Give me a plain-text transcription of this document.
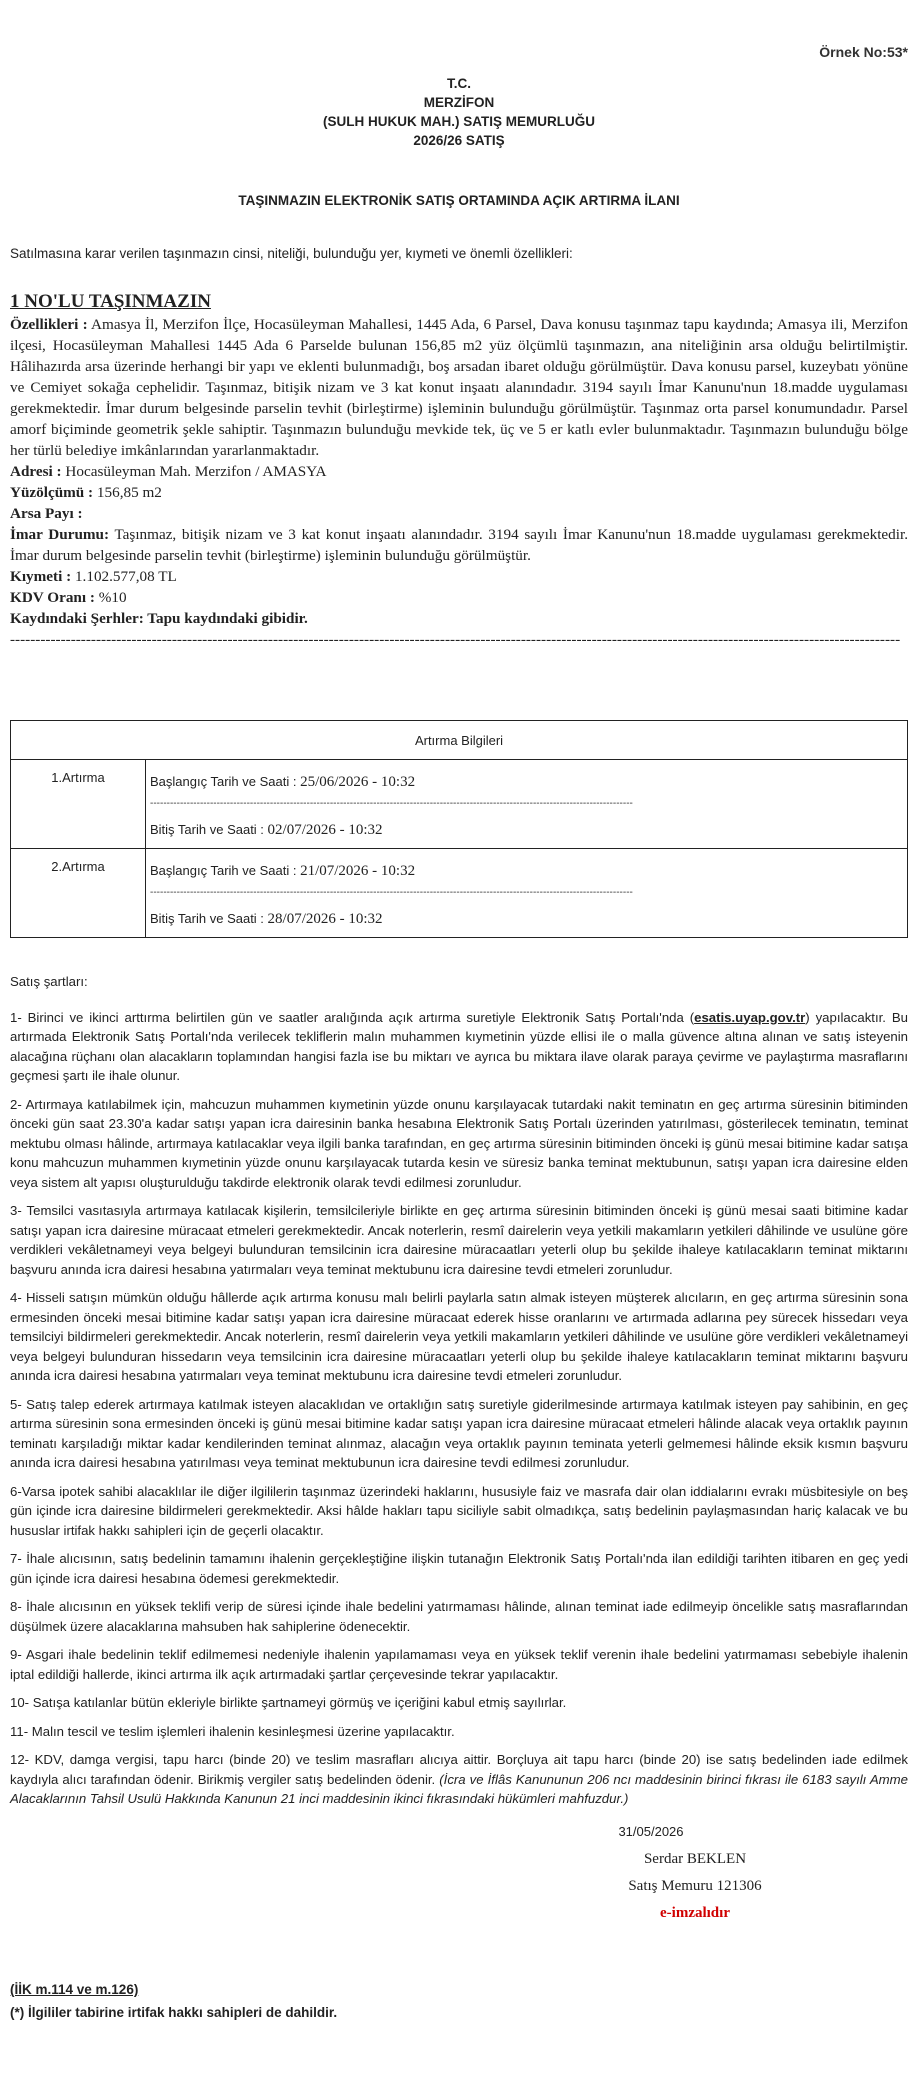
Örnek No:53*
T.C.
MERZİFON
(SULH HUKUK MAH.) SATIŞ MEMURLUĞU
2026/26 SATIŞ
TAŞINMAZIN ELEKTRONİK SATIŞ ORTAMINDA AÇIK ARTIRMA İLANI
Satılmasına karar verilen taşınmazın cinsi, niteliği, bulunduğu yer, kıymeti ve önemli özellikleri:
1 NO'LU TAŞINMAZIN
Özellikleri : Amasya İl, Merzifon İlçe, Hocasüleyman Mahallesi, 1445 Ada, 6 Parsel, Dava konusu taşınmaz tapu kaydında; Amasya ili, Merzifon ilçesi, Hocasüleyman Mahallesi 1445 Ada 6 Parselde bulunan 156,85 m2 yüz ölçümlü taşınmazın, ana niteliğinin arsa olduğu belirtilmiştir. Hâlihazırda arsa üzerinde herhangi bir yapı ve eklenti bulunmadığı, boş arsadan ibaret olduğu görülmüştür. Dava konusu parsel, kuzeybatı yönüne ve Cemiyet sokağa cephelidir. Taşınmaz, bitişik nizam ve 3 kat konut inşaatı alanındadır. 3194 sayılı İmar Kanunu'nun 18.madde uygulaması gerekmektedir. İmar durum belgesinde parselin tevhit (birleştirme) işleminin bulunduğu görülmüştür. Taşınmaz orta parsel konumundadır. Parsel amorf biçiminde geometrik şekle sahiptir. Taşınmazın bulunduğu mevkide tek, üç ve 5 er katlı evler bulunmaktadır. Taşınmazın bulunduğu bölge her türlü belediye imkânlarından yararlanmaktadır.
Adresi : Hocasüleyman Mah. Merzifon / AMASYA
Yüzölçümü : 156,85 m2
Arsa Payı :
İmar Durumu: Taşınmaz, bitişik nizam ve 3 kat konut inşaatı alanındadır. 3194 sayılı İmar Kanunu'nun 18.madde uygulaması gerekmektedir. İmar durum belgesinde parselin tevhit (birleştirme) işleminin bulunduğu görülmüştür.
Kıymeti : 1.102.577,08 TL
KDV Oranı : %10
Kaydındaki Şerhler: Tapu kaydındaki gibidir.
--------------------------------------------------------------------------------------------------------------------------------------------------------------------------------
Artırma Bilgileri	
1.Artırma	Başlangıç Tarih ve Saati : 25/06/2026 - 10:32
-------------------------------------------------------------------------------------------------------------------------------------------------
Bitiş Tarih ve Saati : 02/07/2026 - 10:32

2.Artırma	Başlangıç Tarih ve Saati : 21/07/2026 - 10:32
-------------------------------------------------------------------------------------------------------------------------------------------------
Bitiş Tarih ve Saati : 28/07/2026 - 10:32

Satış şartları:

1- Birinci ve ikinci arttırma belirtilen gün ve saatler aralığında açık artırma suretiyle Elektronik Satış Portalı'nda (esatis.uyap.gov.tr) yapılacaktır. Bu artırmada Elektronik Satış Portalı'nda verilecek tekliflerin malın muhammen kıymetinin yüzde ellisi ile o malla güvence altına alınan ve satış isteyenin alacağına rüçhanı olan alacakların toplamından hangisi fazla ise bu miktarı ve ayrıca bu miktara ilave olarak paraya çevirme ve paylaştırma masraflarını geçmesi şartı ile ihale olunur.

2- Artırmaya katılabilmek için, mahcuzun muhammen kıymetinin yüzde onunu karşılayacak tutardaki nakit teminatın en geç artırma süresinin bitiminden önceki gün saat 23.30'a kadar satışı yapan icra dairesinin banka hesabına Elektronik Satış Portalı üzerinden yatırılması, gösterilecek teminatın, teminat mektubu olması hâlinde, artırmaya katılacaklar veya ilgili banka tarafından, en geç artırma süresinin bitiminden önceki iş günü mesai bitimine kadar satışa konu mahcuzun muhammen kıymetinin yüzde onunu karşılayacak tutarda kesin ve süresiz banka teminat mektubunun, satışı yapan icra dairesine elden veya sistem alt yapısı oluşturulduğu takdirde elektronik olarak tevdi edilmesi zorunludur.

3- Temsilci vasıtasıyla artırmaya katılacak kişilerin, temsilcileriyle birlikte en geç artırma süresinin bitiminden önceki iş günü mesai saati bitimine kadar satışı yapan icra dairesine müracaat etmeleri gerekmektedir. Ancak noterlerin, resmî dairelerin veya yetkili makamların yetkileri dâhilinde ve usulüne göre verdikleri vekâletnameyi veya belgeyi bulunduran temsilcinin icra dairesine müracaatları yeterli olup bu şekilde ihaleye katılacakların teminat miktarını başvuru anında icra dairesi hesabına yatırmaları veya teminat mektubunu icra dairesine tevdi etmeleri zorunludur.

4- Hisseli satışın mümkün olduğu hâllerde açık artırma konusu malı belirli paylarla satın almak isteyen müşterek alıcıların, en geç artırma süresinin sona ermesinden önceki mesai bitimine kadar satışı yapan icra dairesine müracaat ederek hisse oranlarını ve artırmada adlarına pey sürecek hissedarı veya temsilciyi bildirmeleri gerekmektedir. Ancak noterlerin, resmî dairelerin veya yetkili makamların yetkileri dâhilinde ve usulüne göre verdikleri vekâletnameyi veya belgeyi bulunduran hissedarın veya temsilcinin icra dairesine müracaatları yeterli olup bu şekilde ihaleye katılacakların teminat miktarını başvuru anında icra dairesi hesabına yatırmaları veya teminat mektubunu icra dairesine tevdi etmeleri zorunludur.

5- Satış talep ederek artırmaya katılmak isteyen alacaklıdan ve ortaklığın satış suretiyle giderilmesinde artırmaya katılmak isteyen pay sahibinin, en geç artırma süresinin sona ermesinden önceki iş günü mesai bitimine kadar satışı yapan icra dairesine müracaat etmeleri hâlinde alacak veya ortaklık payının teminatı karşıladığı miktar kadar kendilerinden teminat alınmaz, alacağın veya ortaklık payının teminata yeterli gelmemesi hâlinde eksik kısmın başvuru anında icra dairesi hesabına yatırılması veya teminat mektubunun icra dairesine tevdi edilmesi zorunludur.

6-Varsa ipotek sahibi alacaklılar ile diğer ilgililerin taşınmaz üzerindeki haklarını, hususiyle faiz ve masrafa dair olan iddialarını evrakı müsbitesiyle on beş gün içinde icra dairesine bildirmeleri gerekmektedir. Aksi hâlde hakları tapu siciliyle sabit olmadıkça, satış bedelinin paylaşmasından hariç kalacak ve bu hususlar irtifak hakkı sahipleri için de geçerli olacaktır.

7- İhale alıcısının, satış bedelinin tamamını ihalenin gerçekleştiğine ilişkin tutanağın Elektronik Satış Portalı'nda ilan edildiği tarihten itibaren en geç yedi gün içinde icra dairesi hesabına ödemesi gerekmektedir.

8- İhale alıcısının en yüksek teklifi verip de süresi içinde ihale bedelini yatırmaması hâlinde, alınan teminat iade edilmeyip öncelikle satış masraflarından düşülmek üzere alacaklarına mahsuben hak sahiplerine ödenecektir.

9- Asgari ihale bedelinin teklif edilmemesi nedeniyle ihalenin yapılamaması veya en yüksek teklif verenin ihale bedelini yatırmaması sebebiyle ihalenin iptal edildiği hallerde, ikinci artırma ilk açık artırmadaki şartlar çerçevesinde tekrar yapılacaktır.

10- Satışa katılanlar bütün ekleriyle birlikte şartnameyi görmüş ve içeriğini kabul etmiş sayılırlar.

11- Malın tescil ve teslim işlemleri ihalenin kesinleşmesi üzerine yapılacaktır.

12- KDV, damga vergisi, tapu harcı (binde 20) ve teslim masrafları alıcıya aittir. Borçluya ait tapu harcı (binde 20) ise satış bedelinden iade edilmek kaydıyla alıcı tarafından ödenir. Birikmiş vergiler satış bedelinden ödenir. (İcra ve İflâs Kanununun 206 ncı maddesinin birinci fıkrası ile 6183 sayılı Amme Alacaklarının Tahsil Usulü Hakkında Kanunun 21 inci maddesinin ikinci fıkrasındaki hükümleri mahfuzdur.)

31/05/2026
Serdar BEKLEN
Satış Memuru 121306
e-imzalıdır
(İİK m.114 ve m.126)
(*) İlgililer tabirine irtifak hakkı sahipleri de dahildir.
